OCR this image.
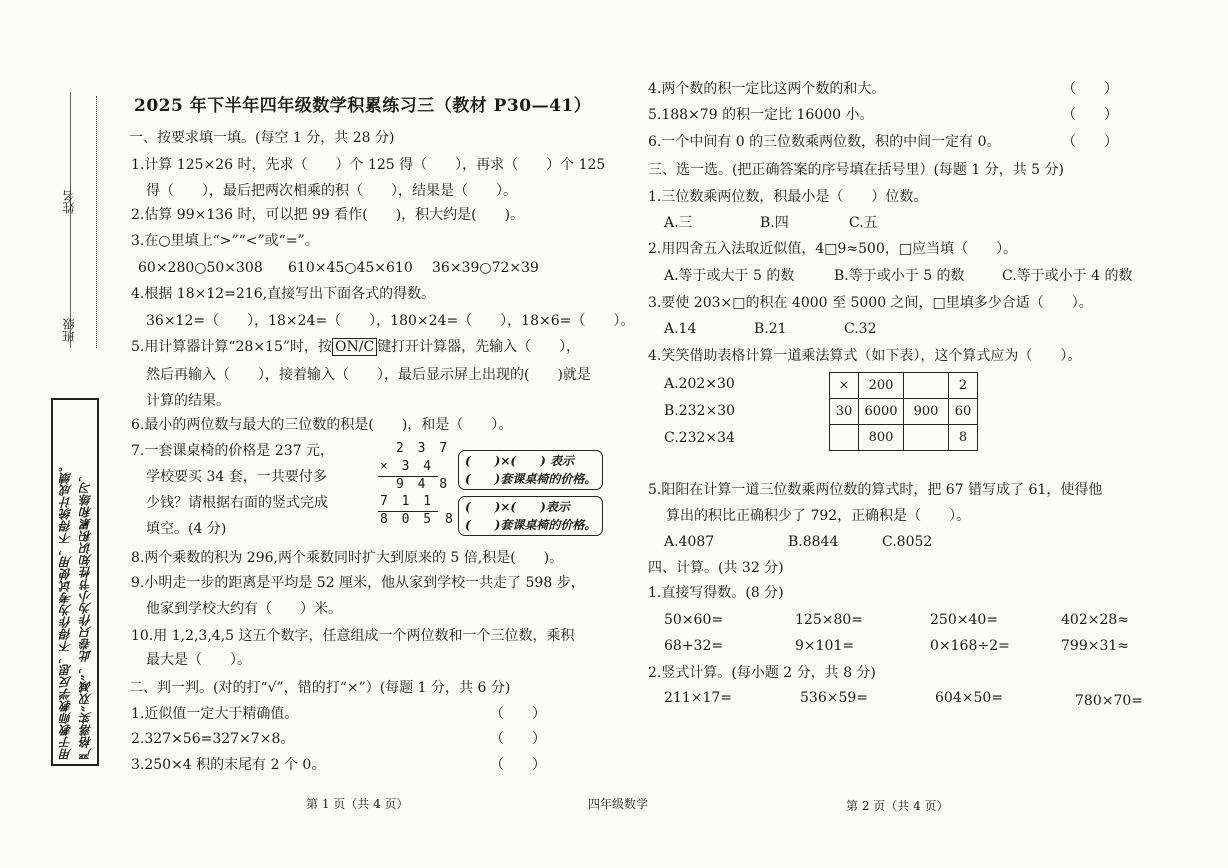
姓名
班级
严格落实“双减”，此卷只作为小节性知识积累和练习，
用于教师教学反思，不得作为考试使用，不得统计成绩。
2025 年下半年四年级数学积累练习三（教材 P30—41）
一、按要求填一填。(每空 1 分，共 28 分)
1.计算 125×26 时，先求（　　）个 125 得（　　），再求（　　）个 125
得（　　），最后把两次相乘的积（　　），结果是（　　）。
2.估算 99×136 时，可以把 99 看作(　　)，积大约是(　　)。
3.在○里填上“>”“<”或“=”。
60×280○50×308 610×45○45×610 36×39○72×39
4.根据 18×12=216,直接写出下面各式的得数。
36×12=（　　），18×24=（　　），180×24=（　　），18×6=（　　）。
5.用计算器计算“28×15”时，按 ON/C 键打开计算器，先输入（　　），
然后再输入（　　），接着输入（　　），最后显示屏上出现的(　　)就是
计算的结果。
6.最小的两位数与最大的三位数的积是(　　)，和是（　　）。
7.一套课桌椅的价格是 237 元，
学校要买 34 套，一共要付多
少钱？请根据右面的竖式完成
填空。(4 分)
2 3 7
× 3 4
9 4 8
7 1 1
8 0 5 8
(　　)×(　　) 表示
(　　)套课桌椅的价格。
(　　)×(　　)表示
(　　)套课桌椅的价格。
8.两个乘数的积为 296,两个乘数同时扩大到原来的 5 倍,积是(　　)。
9.小明走一步的距离是平均是 52 厘米，他从家到学校一共走了 598 步，
他家到学校大约有（　　）米。
10.用 1,2,3,4,5 这五个数字，任意组成一个两位数和一个三位数，乘积
最大是（　　）。
二、判一判。(对的打“√”，错的打“×”）(每题 1 分，共 6 分)
1.近似值一定大于精确值。	（　　）
2.327×56=327×7×8。	（　　）
3.250×4 积的末尾有 2 个 0。	（　　）
4.两个数的积一定比这两个数的和大。	（　　）
5.188×79 的积一定比 16000 小。	（　　）
6.一个中间有 0 的三位数乘两位数，积的中间一定有 0。	（　　）
三、选一选。(把正确答案的序号填在括号里）(每题 1 分，共 5 分)
1.三位数乘两位数，积最小是（　　）位数。
A.三	B.四	C.五
2.用四舍五入法取近似值，4□9≈500，□应当填（　　）。
A.等于或大于 5 的数	B.等于或小于 5 的数	C.等于或小于 4 的数
3.要使 203×□的积在 4000 至 5000 之间，□里填多少合适（　　）。
A.14	B.21	C.32
4.笑笑借助表格计算一道乘法算式（如下表），这个算式应为（　　）。
A.202×30
B.232×30
C.232×34
×	200		2
30	6000	900	60
	800		8
5.阳阳在计算一道三位数乘两位数的算式时，把 67 错写成了 61，使得他
算出的积比正确积少了 792，正确积是（　　）。
A.4087	B.8844	C.8052
四、计算。(共 32 分)
1.直接写得数。(8 分)
50×60=	125×80=	250×40=	402×28≈
68+32=	9×101=	0×168÷2=	799×31≈
2.竖式计算。(每小题 2 分，共 8 分)
211×17=	536×59=	604×50=	780×70=
第 1 页（共 4 页）	四年级数学	第 2 页（共 4 页）
